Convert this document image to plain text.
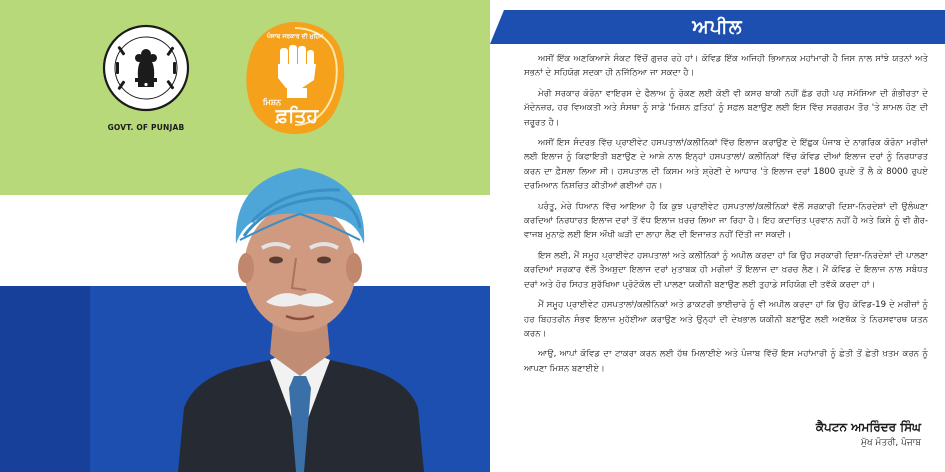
GOVT. OF PUNJAB
ਪੰਜਾਬ ਸਰਕਾਰ ਦੀ ਮੁਹਿੰਮ
ਮਿਸ਼ਨ
ਫ਼ਤਿਹ
ਅਪੀਲ

ਅਸੀਂ ਇੱਕ ਅਣਕਿਆਸੇ ਸੰਕਟ ਵਿੱਚੋਂ ਗੁਜ਼ਰ ਰਹੇ ਹਾਂ। ਕੋਵਿਡ ਇੱਕ ਅਜਿਹੀ ਭਿਆਨਕ ਮਹਾਂਮਾਰੀ ਹੈ ਜਿਸ ਨਾਲ ਸਾਂਝੇ ਯਤਨਾਂ ਅਤੇ ਸਭਨਾਂ ਦੇ ਸਹਿਯੋਗ ਸਦਕਾ ਹੀ ਨਜਿੱਠਿਆ ਜਾ ਸਕਦਾ ਹੈ।

ਮੇਰੀ ਸਰਕਾਰ ਕੋਰੋਨਾ ਵਾਇਰਸ ਦੇ ਫੈਲਾਅ ਨੂੰ ਰੋਕਣ ਲਈ ਕੋਈ ਵੀ ਕਸਰ ਬਾਕੀ ਨਹੀਂ ਛੱਡ ਰਹੀ ਪਰ ਸਮੱਸਿਆ ਦੀ ਗੰਭੀਰਤਾ ਦੇ ਮੱਦੇਨਜ਼ਰ, ਹਰ ਵਿਅਕਤੀ ਅਤੇ ਸੰਸਥਾ ਨੂੰ ਸਾਡੇ 'ਮਿਸ਼ਨ ਫ਼ਤਿਹ' ਨੂੰ ਸਫ਼ਲ ਬਣਾਉਣ ਲਈ ਇਸ ਵਿੱਚ ਸਰਗਰਮ ਤੌਰ 'ਤੇ ਸ਼ਾਮਲ ਹੋਣ ਦੀ ਜ਼ਰੂਰਤ ਹੈ।

ਅਸੀਂ ਇਸ ਸੰਦਰਭ ਵਿੱਚ ਪ੍ਰਾਈਵੇਟ ਹਸਪਤਾਲਾਂ/ਕਲੀਨਿਕਾਂ ਵਿੱਚ ਇਲਾਜ ਕਰਾਉਣ ਦੇ ਇੱਛੁਕ ਪੰਜਾਬ ਦੇ ਨਾਗਰਿਕ ਕੋਰੋਨਾ ਮਰੀਜ਼ਾਂ ਲਈ ਇਲਾਜ ਨੂੰ ਕਿਫਾਇਤੀ ਬਣਾਉਣ ਦੇ ਆਸ਼ੇ ਨਾਲ ਇਨ੍ਹਾਂ ਹਸਪਤਾਲਾਂ/ ਕਲੀਨਿਕਾਂ ਵਿੱਚ ਕੋਵਿਡ ਦੀਆਂ ਇਲਾਜ ਦਰਾਂ ਨੂੰ ਨਿਰਧਾਰਤ ਕਰਨ ਦਾ ਫ਼ੈਸਲਾ ਲਿਆ ਸੀ। ਹਸਪਤਾਲ ਦੀ ਕਿਸਮ ਅਤੇ ਸ਼੍ਰੇਣੀ ਦੇ ਆਧਾਰ 'ਤੇ ਇਲਾਜ ਦਰਾਂ 1800 ਰੁਪਏ ਤੋਂ ਲੈ ਕੇ 8000 ਰੁਪਏ ਦਰਮਿਆਨ ਨਿਸ਼ਚਿਤ ਕੀਤੀਆਂ ਗਈਆਂ ਹਨ।

ਪਰੰਤੂ, ਮੇਰੇ ਧਿਆਨ ਵਿੱਚ ਆਇਆ ਹੈ ਕਿ ਕੁਝ ਪ੍ਰਾਈਵੇਟ ਹਸਪਤਾਲਾਂ/ਕਲੀਨਿਕਾਂ ਵੱਲੋਂ ਸਰਕਾਰੀ ਦਿਸ਼ਾ-ਨਿਰਦੇਸ਼ਾਂ ਦੀ ਉਲੰਘਣਾ ਕਰਦਿਆਂ ਨਿਰਧਾਰਤ ਇਲਾਜ ਦਰਾਂ ਤੋਂ ਵੱਧ ਇਲਾਜ ਖ਼ਰਚ ਲਿਆ ਜਾ ਰਿਹਾ ਹੈ। ਇਹ ਕਦਾਚਿਤ ਪ੍ਰਵਾਨ ਨਹੀਂ ਹੈ ਅਤੇ ਕਿਸੇ ਨੂੰ ਵੀ ਗੈਰ-ਵਾਜਬ ਮੁਨਾਫ਼ੇ ਲਈ ਇਸ ਔਖੀ ਘੜੀ ਦਾ ਲਾਹਾ ਲੈਣ ਦੀ ਇਜਾਜ਼ਤ ਨਹੀਂ ਦਿੱਤੀ ਜਾ ਸਕਦੀ।

ਇਸ ਲਈ, ਮੈਂ ਸਮੂਹ ਪ੍ਰਾਈਵੇਟ ਹਸਪਤਾਲਾਂ ਅਤੇ ਕਲੀਨਿਕਾਂ ਨੂੰ ਅਪੀਲ ਕਰਦਾ ਹਾਂ ਕਿ ਉਹ ਸਰਕਾਰੀ ਦਿਸ਼ਾ-ਨਿਰਦੇਸ਼ਾਂ ਦੀ ਪਾਲਣਾ ਕਰਦਿਆਂ ਸਰਕਾਰ ਵੱਲੋਂ ਤੈਅਸ਼ੁਦਾ ਇਲਾਜ ਦਰਾਂ ਮੁਤਾਬਕ ਹੀ ਮਰੀਜ਼ਾਂ ਤੋਂ ਇਲਾਜ ਦਾ ਖ਼ਰਚ ਲੈਣ। ਮੈਂ ਕੋਵਿਡ ਦੇ ਇਲਾਜ ਨਾਲ ਸਬੰਧਤ ਦਰਾਂ ਅਤੇ ਹੋਰ ਸਿਹਤ ਸੁਰੱਖਿਆ ਪ੍ਰੋਟੋਕੋਲ ਦੀ ਪਾਲਣਾ ਯਕੀਨੀ ਬਣਾਉਣ ਲਈ ਤੁਹਾਡੇ ਸਹਿਯੋਗ ਦੀ ਤਵੱਕੋ ਕਰਦਾ ਹਾਂ।

ਮੈਂ ਸਮੂਹ ਪ੍ਰਾਈਵੇਟ ਹਸਪਤਾਲਾਂ/ਕਲੀਨਿਕਾਂ ਅਤੇ ਡਾਕਟਰੀ ਭਾਈਚਾਰੇ ਨੂੰ ਵੀ ਅਪੀਲ ਕਰਦਾ ਹਾਂ ਕਿ ਉਹ ਕੋਵਿਡ-19 ਦੇ ਮਰੀਜ਼ਾਂ ਨੂੰ ਹਰ ਬਿਹਤਰੀਨ ਸੰਭਵ ਇਲਾਜ ਮੁਹੱਈਆ ਕਰਾਉਣ ਅਤੇ ਉਨ੍ਹਾਂ ਦੀ ਦੇਖਭਾਲ ਯਕੀਨੀ ਬਣਾਉਣ ਲਈ ਅਣਥੱਕ ਤੇ ਨਿਰਸਵਾਰਥ ਯਤਨ ਕਰਨ।

ਆਉ, ਆਪਾਂ ਕੋਵਿਡ ਦਾ ਟਾਕਰਾ ਕਰਨ ਲਈ ਹੱਥ ਮਿਲਾਈਏ ਅਤੇ ਪੰਜਾਬ ਵਿੱਚੋਂ ਇਸ ਮਹਾਂਮਾਰੀ ਨੂੰ ਛੇਤੀ ਤੋਂ ਛੇਤੀ ਖ਼ਤਮ ਕਰਨ ਨੂੰ ਆਪਣਾ ਮਿਸ਼ਨ ਬਣਾਈਏ।

ਕੈਪਟਨ ਅਮਰਿੰਦਰ ਸਿੰਘ
ਮੁੱਖ ਮੰਤਰੀ, ਪੰਜਾਬ
